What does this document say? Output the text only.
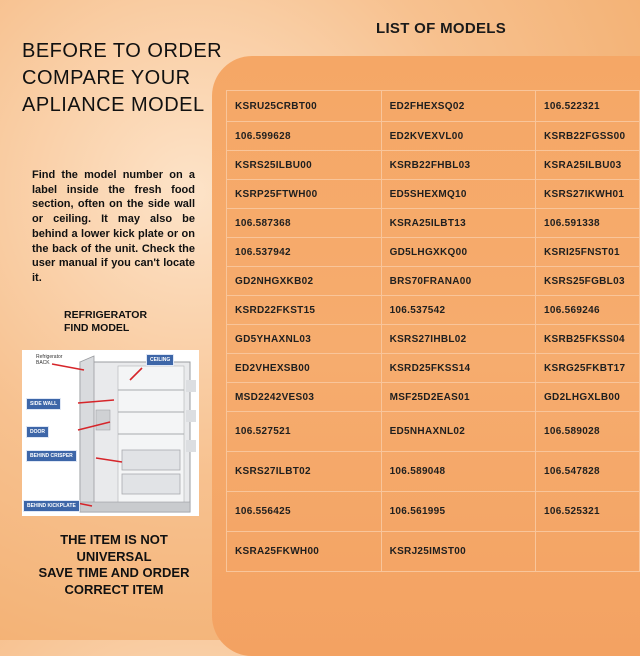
LIST OF MODELS
BEFORE TO ORDER
COMPARE YOUR
APLIANCE MODEL
Find the model number on a label inside the fresh food section, often on the side wall or ceiling. It may also be behind a lower kick plate or on the back of the unit. Check the user manual if you can't locate it.
REFRIGERATOR
FIND MODEL
Refrigerator
BACK	CEILING
SIDE WALL
DOOR
BEHIND CRISPER
BEHIND KICKPLATE
THE ITEM IS NOT
UNIVERSAL
SAVE TIME AND ORDER
CORRECT ITEM
KSRU25CRBT00	ED2FHEXSQ02	106.522321
106.599628	ED2KVEXVL00	KSRB22FGSS00
KSRS25ILBU00	KSRB22FHBL03	KSRA25ILBU03
KSRP25FTWH00	ED5SHEXMQ10	KSRS27IKWH01
106.587368	KSRA25ILBT13	106.591338
106.537942	GD5LHGXKQ00	KSRI25FNST01
GD2NHGXKB02	BRS70FRANA00	KSRS25FGBL03
KSRD22FKST15	106.537542	106.569246
GD5YHAXNL03	KSRS27IHBL02	KSRB25FKSS04
ED2VHEXSB00	KSRD25FKSS14	KSRG25FKBT17
MSD2242VES03	MSF25D2EAS01	GD2LHGXLB00
106.527521	ED5NHAXNL02	106.589028
KSRS27ILBT02	106.589048	106.547828
106.556425	106.561995	106.525321
KSRA25FKWH00	KSRJ25IMST00	
